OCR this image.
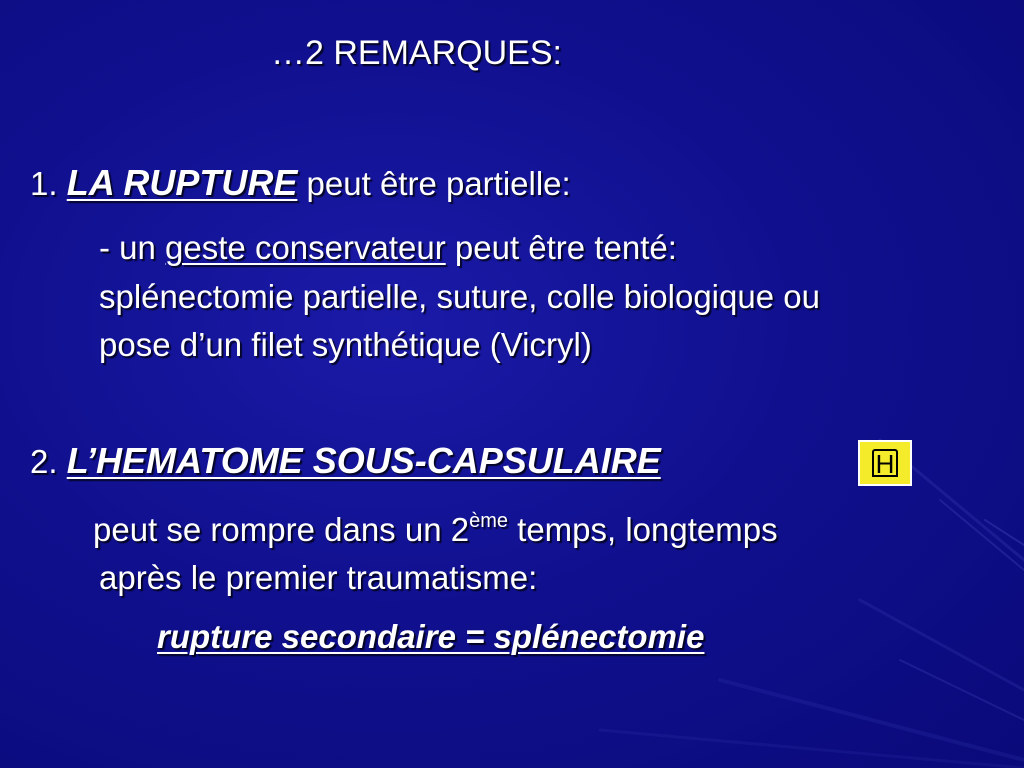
…2 REMARQUES:
1. LA RUPTURE peut être partielle:
- un geste conservateur peut être tenté:
splénectomie partielle, suture, colle biologique ou
pose d’un filet synthétique (Vicryl)
2. L’HEMATOME SOUS-CAPSULAIRE	H
peut se rompre dans un 2ème temps, longtemps
après le premier traumatisme:
rupture secondaire = splénectomie
